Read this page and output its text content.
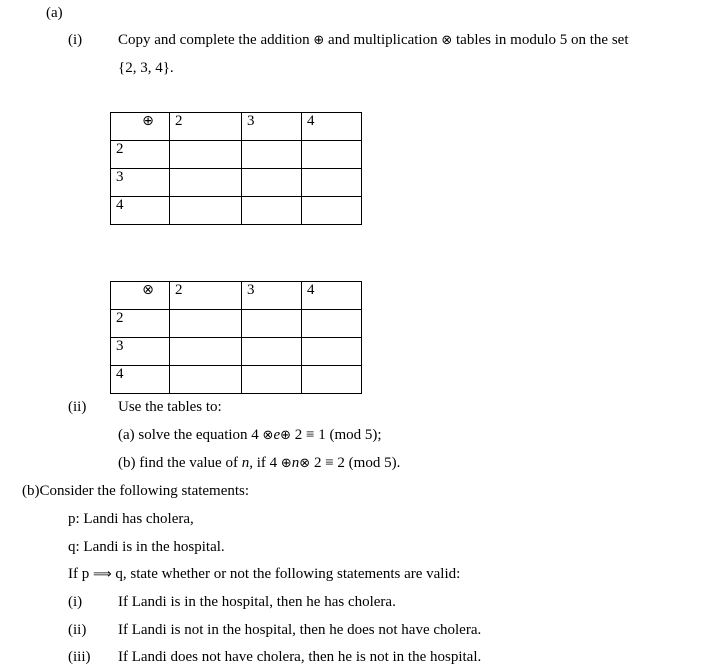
(a)
(i) Copy and complete the addition ⊕ and multiplication ⊗ tables in modulo 5 on the set
{2, 3, 4}.
⊕	2	3	4
2			
3			
4			
⊗	2	3	4
2			
3			
4			
(ii) Use the tables to:
(a) solve the equation 4 ⊗e⊕ 2 ≡ 1 (mod 5);
(b) find the value of n, if 4 ⊕n⊗ 2 ≡ 2 (mod 5).
(b)Consider the following statements:
p: Landi has cholera,
q: Landi is in the hospital.
If p ⟹ q, state whether or not the following statements are valid:
(i) If Landi is in the hospital, then he has cholera.
(ii) If Landi is not in the hospital, then he does not have cholera.
(iii) If Landi does not have cholera, then he is not in the hospital.
